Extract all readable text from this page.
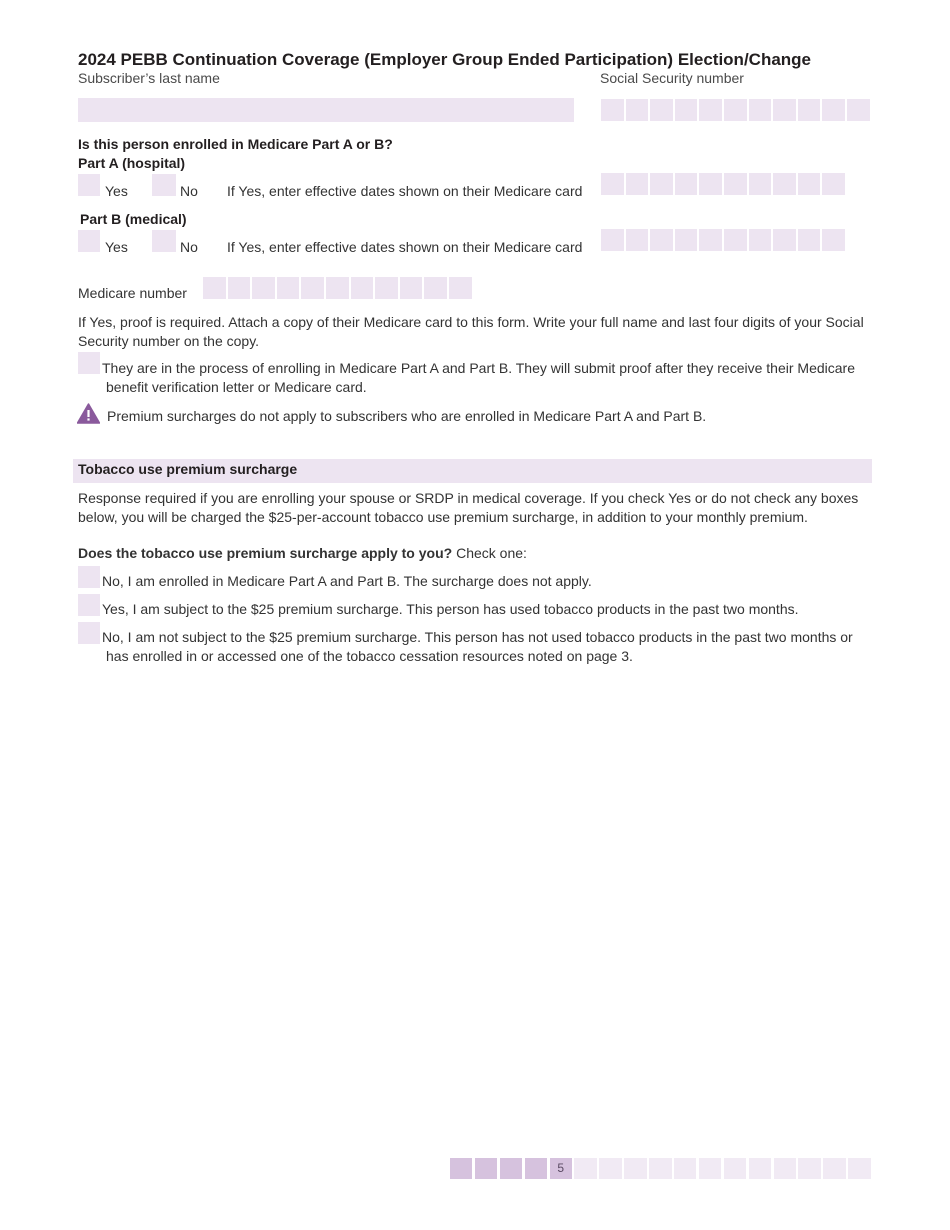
2024 PEBB Continuation Coverage (Employer Group Ended Participation) Election/Change
Subscriber’s last name	Social Security number
Is this person enrolled in Medicare Part A or B?
Part A (hospital)
Yes	No If Yes, enter effective dates shown on their Medicare card
Part B (medical)
Yes	No If Yes, enter effective dates shown on their Medicare card
Medicare number
If Yes, proof is required. Attach a copy of their Medicare card to this form. Write your full name and last four digits of your Social Security number on the copy.
They are in the process of enrolling in Medicare Part A and Part B. They will submit proof after they receive their Medicare
benefit verification letter or Medicare card.
Premium surcharges do not apply to subscribers who are enrolled in Medicare Part A and Part B.
Tobacco use premium surcharge
Response required if you are enrolling your spouse or SRDP in medical coverage. If you check Yes or do not check any boxes below, you will be charged the $25-per-account tobacco use premium surcharge, in addition to your monthly premium.
Does the tobacco use premium surcharge apply to you? Check one:
No, I am enrolled in Medicare Part A and Part B. The surcharge does not apply.
Yes, I am subject to the $25 premium surcharge. This person has used tobacco products in the past two months.
No, I am not subject to the $25 premium surcharge. This person has not used tobacco products in the past two months or
has enrolled in or accessed one of the tobacco cessation resources noted on page 3.
5
